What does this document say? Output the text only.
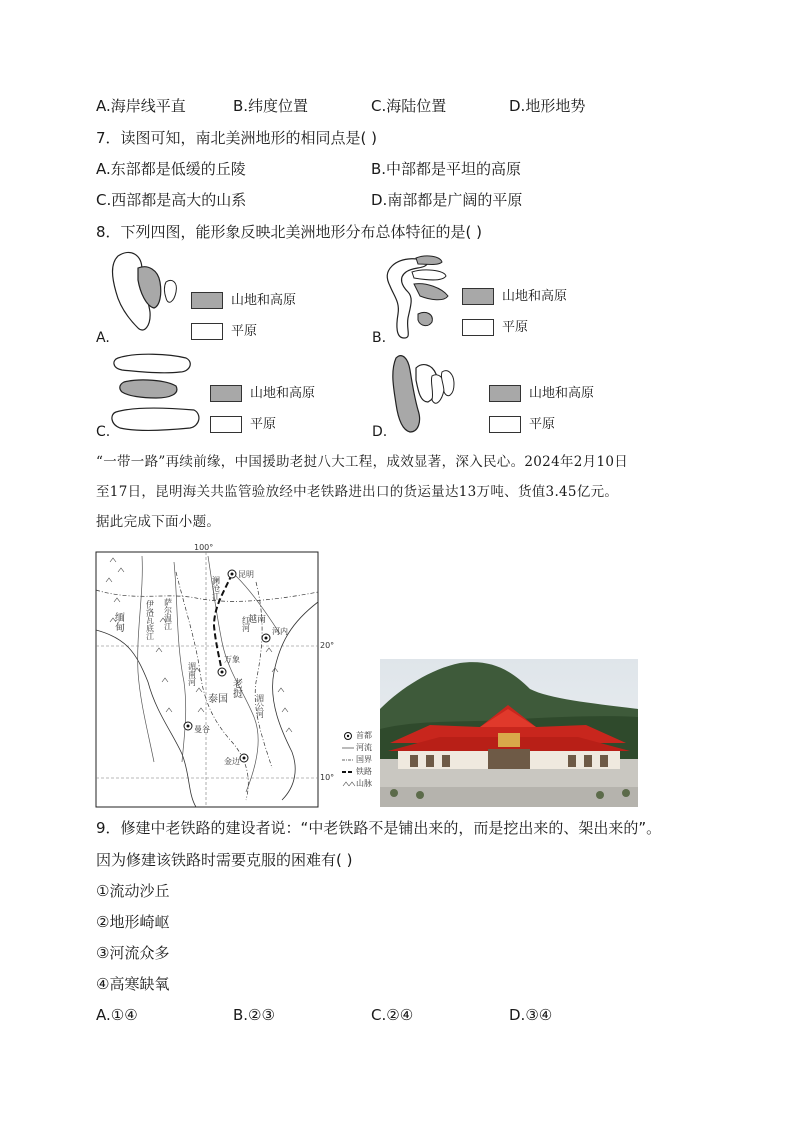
A.海岸线平直	B.纬度位置	C.海陆位置	D.地形地势
7．读图可知，南北美洲地形的相同点是( )
A.东部都是低缓的丘陵	B.中部都是平坦的高原
C.西部都是高大的山系	D.南部都是广阔的平原
8．下列四图，能形象反映北美洲地形分布总体特征的是( )
A.
山地和高原
平原	B.
山地和高原
平原
C.
山地和高原
平原	D.
山地和高原
平原
“一带一路”再续前缘，中国援助老挝八大工程，成效显著，深入民心。2024年2月10日
至17日，昆明海关共监管验放经中老铁路进出口的货运量达13万吨、货值3.45亿元。
据此完成下面小题。
100°
20°
10°
昆明
河内
万象
曼谷
金边
泰国
缅甸	越南
老挝
澜沧江
红河
湄公河
伊洛瓦底江 萨尔温江
湄南河
首都
河流
国界
铁路
山脉
9．修建中老铁路的建设者说：“中老铁路不是铺出来的，而是挖出来的、架出来的”。
因为修建该铁路时需要克服的困难有( )
①流动沙丘
②地形崎岖
③河流众多
④高寒缺氧
A.①④	B.②③	C.②④	D.③④
